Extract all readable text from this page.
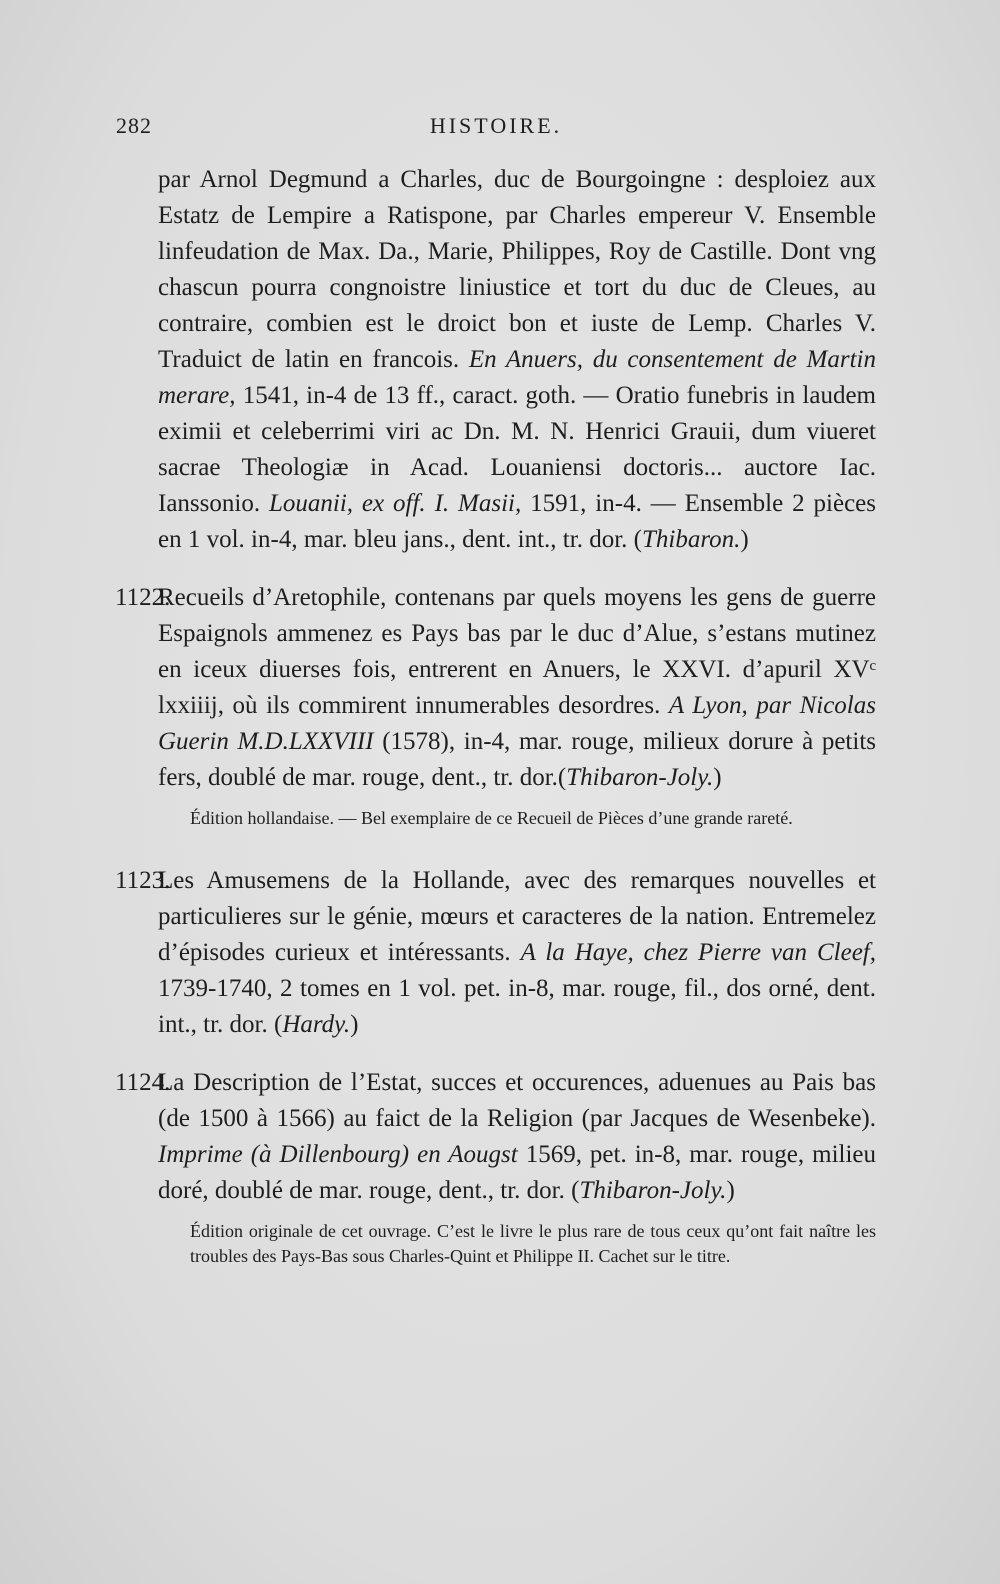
282	HISTOIRE.

par Arnol Degmund a Charles, duc de Bourgoingne : desploiez aux Estatz de Lempire a Ratispone, par Charles empereur V. Ensemble linfeudation de Max. Da., Marie, Philippes, Roy de Castille. Dont vng chascun pourra congnoistre liniustice et tort du duc de Cleues, au contraire, combien est le droict bon et iuste de Lemp. Charles V. Traduict de latin en francois. En Anuers, du consentement de Martin merare, 1541, in-4 de 13 ff., caract. goth. — Oratio funebris in laudem eximii et celeberrimi viri ac Dn. M. N. Henrici Grauii, dum viueret sacrae Theologiæ in Acad. Louaniensi doctoris... auctore Iac. Ianssonio. Louanii, ex off. I. Masii, 1591, in-4. — Ensemble 2 pièces en 1 vol. in-4, mar. bleu jans., dent. int., tr. dor. (Thibaron.)

1122.

Recueils d’Aretophile, contenans par quels moyens les gens de guerre Espaignols ammenez es Pays bas par le duc d’Alue, s’estans mutinez en iceux diuerses fois, entrerent en Anuers, le XXVI. d’apuril XVᶜ lxxiiij, où ils commirent innumerables desordres. A Lyon, par Nicolas Guerin M.D.LXXVIII (1578), in-4, mar. rouge, milieux dorure à petits fers, doublé de mar. rouge, dent., tr. dor.(Thibaron-Joly.)

Édition hollandaise. — Bel exemplaire de ce Recueil de Pièces d’une grande rareté.

1123.

Les Amusemens de la Hollande, avec des remarques nouvelles et particulieres sur le génie, mœurs et caracteres de la nation. Entremelez d’épisodes curieux et intéressants. A la Haye, chez Pierre van Cleef, 1739-1740, 2 tomes en 1 vol. pet. in-8, mar. rouge, fil., dos orné, dent. int., tr. dor. (Hardy.)

1124.

La Description de l’Estat, succes et occurences, aduenues au Pais bas (de 1500 à 1566) au faict de la Religion (par Jacques de Wesenbeke). Imprime (à Dillenbourg) en Aougst 1569, pet. in-8, mar. rouge, milieu doré, doublé de mar. rouge, dent., tr. dor. (Thibaron-Joly.)

Édition originale de cet ouvrage. C’est le livre le plus rare de tous ceux qu’ont fait naître les troubles des Pays-Bas sous Charles-Quint et Philippe II. Cachet sur le titre.
